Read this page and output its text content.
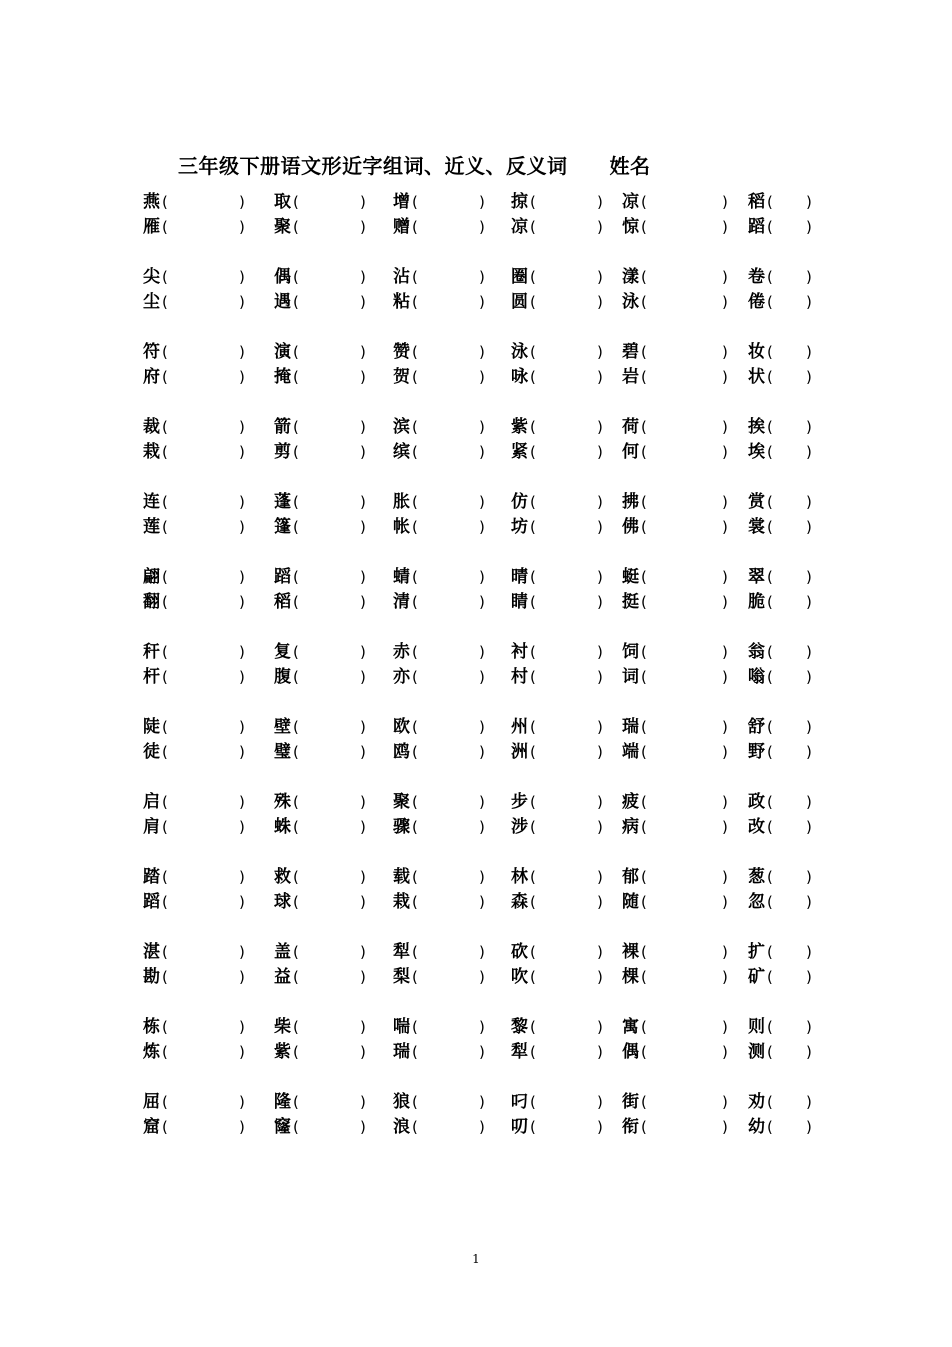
三年级下册语文形近字组词、近义、反义词 姓名
燕 (	) 取 (	) 增 (	) 掠 (	) 凉 (	) 稻 ( )
雁 (	) 聚 (	) 赠 (	) 凉 (	) 惊 (	) 蹈 ( )
尖 (	) 偶 (	) 沾 (	) 圈 (	) 漾 (	) 卷 ( )
尘 (	) 遇 (	) 粘 (	) 圆 (	) 泳 (	) 倦 ( )
符 (	) 演 (	) 赞 (	) 泳 (	) 碧 (	) 妆 ( )
府 (	) 掩 (	) 贺 (	) 咏 (	) 岩 (	) 状 ( )
裁 (	) 箭 (	) 滨 (	) 紫 (	) 荷 (	) 挨 ( )
栽 (	) 剪 (	) 缤 (	) 紧 (	) 何 (	) 埃 ( )
连 (	) 蓬 (	) 胀 (	) 仿 (	) 拂 (	) 赏 ( )
莲 (	) 篷 (	) 帐 (	) 坊 (	) 佛 (	) 裳 ( )
翩 (	) 蹈 (	) 蜻 (	) 晴 (	) 蜓 (	) 翠 ( )
翻 (	) 稻 (	) 清 (	) 睛 (	) 挺 (	) 脆 ( )
秆 (	) 复 (	) 赤 (	) 衬 (	) 饲 (	) 翁 ( )
杆 (	) 腹 (	) 亦 (	) 村 (	) 词 (	) 嗡 ( )
陡 (	) 壁 (	) 欧 (	) 州 (	) 瑞 (	) 舒 ( )
徒 (	) 璧 (	) 鸥 (	) 洲 (	) 端 (	) 野 ( )
启 (	) 殊 (	) 聚 (	) 步 (	) 疲 (	) 政 ( )
肩 (	) 蛛 (	) 骤 (	) 涉 (	) 病 (	) 改 ( )
踏 (	) 救 (	) 载 (	) 林 (	) 郁 (	) 葱 ( )
蹈 (	) 球 (	) 栽 (	) 森 (	) 随 (	) 忽 ( )
湛 (	) 盖 (	) 犁 (	) 砍 (	) 裸 (	) 扩 ( )
勘 (	) 益 (	) 梨 (	) 吹 (	) 棵 (	) 矿 ( )
栋 (	) 柴 (	) 喘 (	) 黎 (	) 寓 (	) 则 ( )
炼 (	) 紫 (	) 瑞 (	) 犁 (	) 偶 (	) 测 ( )
屈 (	) 隆 (	) 狼 (	) 叼 (	) 街 (	) 劝 ( )
窟 (	) 窿 (	) 浪 (	) 叨 (	) 衔 (	) 幼 ( )
1
